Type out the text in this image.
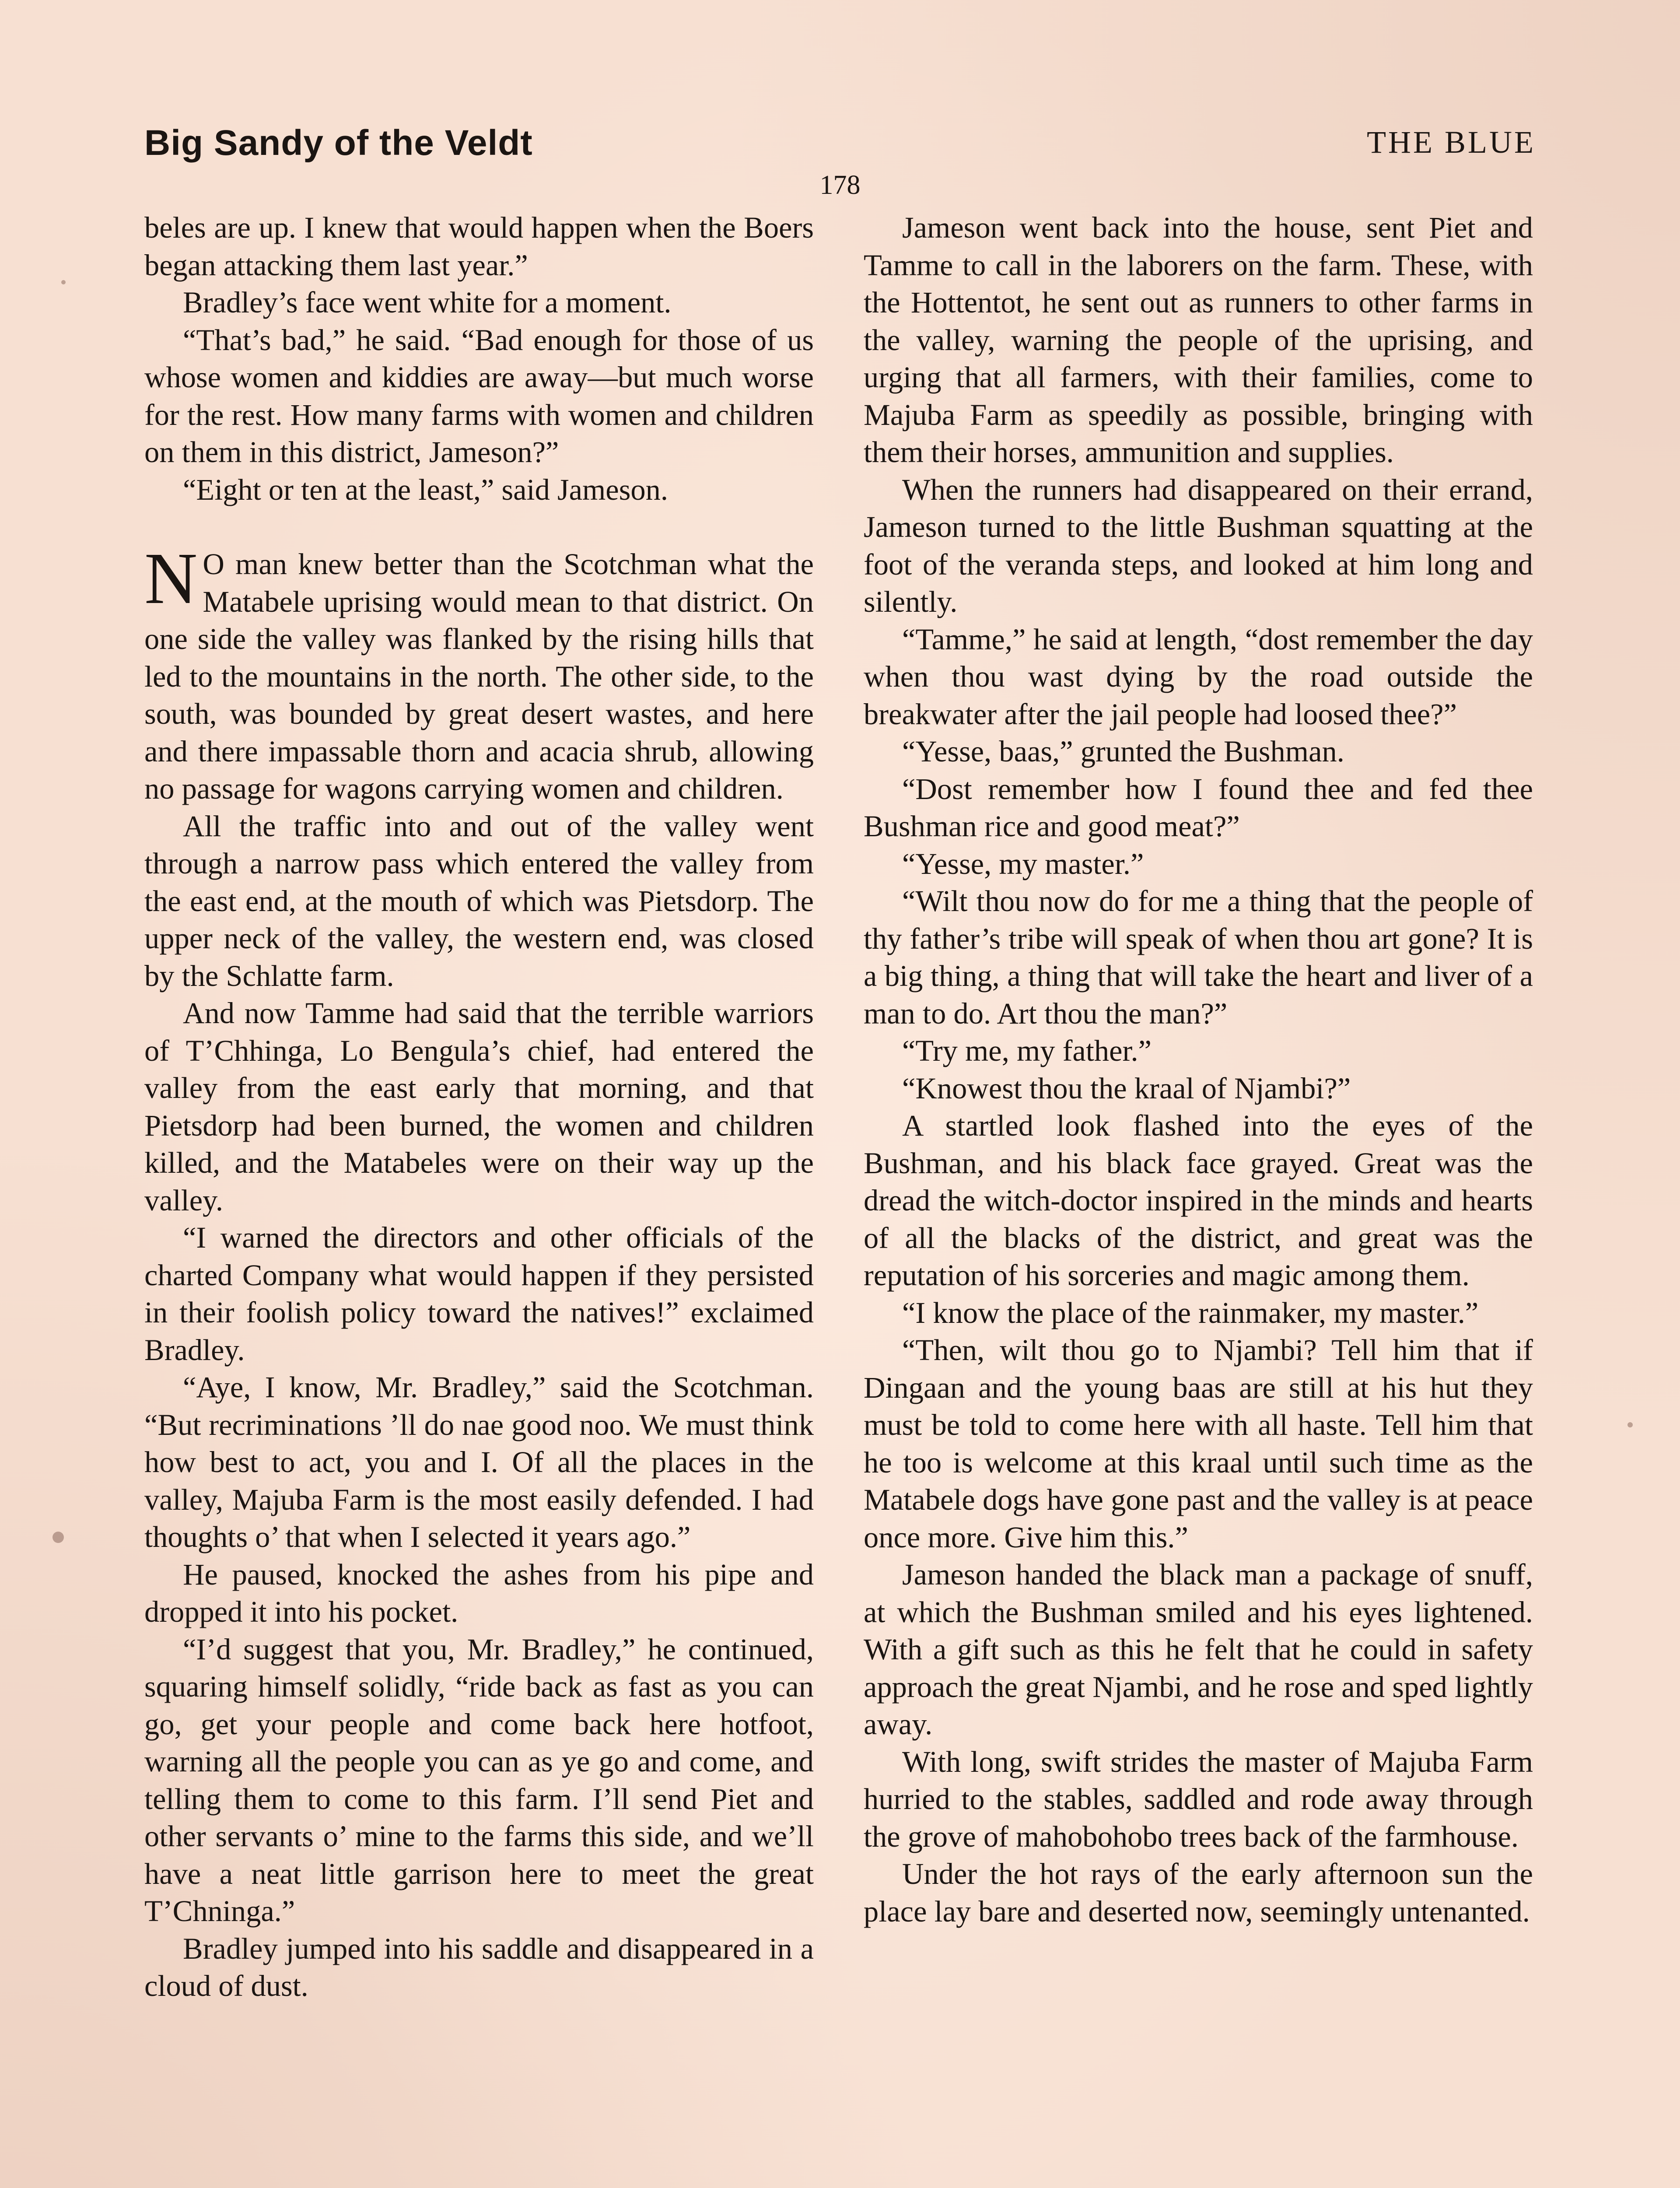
Big Sandy of the Veldt	THE BLUE
178

beles are up. I knew that would happen when the Boers began attacking them last year.”

Bradley’s face went white for a moment.

“That’s bad,” he said. “Bad enough for those of us whose women and kiddies are away—but much worse for the rest. How many farms with women and children on them in this district, Jameson?”

“Eight or ten at the least,” said Jameson.

N O man knew better than the Scotchman what the Matabele uprising would mean to that district. On one side the valley was flanked by the rising hills that led to the mountains in the north. The other side, to the south, was bounded by great desert wastes, and here and there impassable thorn and acacia shrub, allowing no passage for wagons carrying women and children.

All the traffic into and out of the valley went through a narrow pass which entered the valley from the east end, at the mouth of which was Pietsdorp. The upper neck of the valley, the western end, was closed by the Schlatte farm.

And now Tamme had said that the terrible warriors of T’Chhinga, Lo Bengula’s chief, had entered the valley from the east early that morning, and that Pietsdorp had been burned, the women and children killed, and the Matabeles were on their way up the valley.

“I warned the directors and other officials of the charted Company what would happen if they persisted in their foolish policy toward the natives!” exclaimed Bradley.

“Aye, I know, Mr. Bradley,” said the Scotchman. “But recriminations ’ll do nae good noo. We must think how best to act, you and I. Of all the places in the valley, Majuba Farm is the most easily defended. I had thoughts o’ that when I selected it years ago.”

He paused, knocked the ashes from his pipe and dropped it into his pocket.

“I’d suggest that you, Mr. Bradley,” he continued, squaring himself solidly, “ride back as fast as you can go, get your people and come back here hotfoot, warning all the people you can as ye go and come, and telling them to come to this farm. I’ll send Piet and other servants o’ mine to the farms this side, and we’ll have a neat little garrison here to meet the great T’Chninga.”

Bradley jumped into his saddle and disappeared in a cloud of dust.

Jameson went back into the house, sent Piet and Tamme to call in the laborers on the farm. These, with the Hottentot, he sent out as runners to other farms in the valley, warning the people of the uprising, and urging that all farmers, with their families, come to Majuba Farm as speedily as possible, bringing with them their horses, ammunition and supplies.

When the runners had disappeared on their errand, Jameson turned to the little Bushman squatting at the foot of the veranda steps, and looked at him long and silently.

“Tamme,” he said at length, “dost remember the day when thou wast dying by the road outside the breakwater after the jail people had loosed thee?”

“Yesse, baas,” grunted the Bushman.

“Dost remember how I found thee and fed thee Bushman rice and good meat?”

“Yesse, my master.”

“Wilt thou now do for me a thing that the people of thy father’s tribe will speak of when thou art gone? It is a big thing, a thing that will take the heart and liver of a man to do. Art thou the man?”

“Try me, my father.”

“Knowest thou the kraal of Njambi?”

A startled look flashed into the eyes of the Bushman, and his black face grayed. Great was the dread the witch-doctor inspired in the minds and hearts of all the blacks of the district, and great was the reputation of his sorceries and magic among them.

“I know the place of the rainmaker, my master.”

“Then, wilt thou go to Njambi? Tell him that if Dingaan and the young baas are still at his hut they must be told to come here with all haste. Tell him that he too is welcome at this kraal until such time as the Matabele dogs have gone past and the valley is at peace once more. Give him this.”

Jameson handed the black man a package of snuff, at which the Bushman smiled and his eyes lightened. With a gift such as this he felt that he could in safety approach the great Njambi, and he rose and sped lightly away.

With long, swift strides the master of Majuba Farm hurried to the stables, saddled and rode away through the grove of mahobohobo trees back of the farmhouse.

Under the hot rays of the early afternoon sun the place lay bare and deserted now, seemingly untenanted.
